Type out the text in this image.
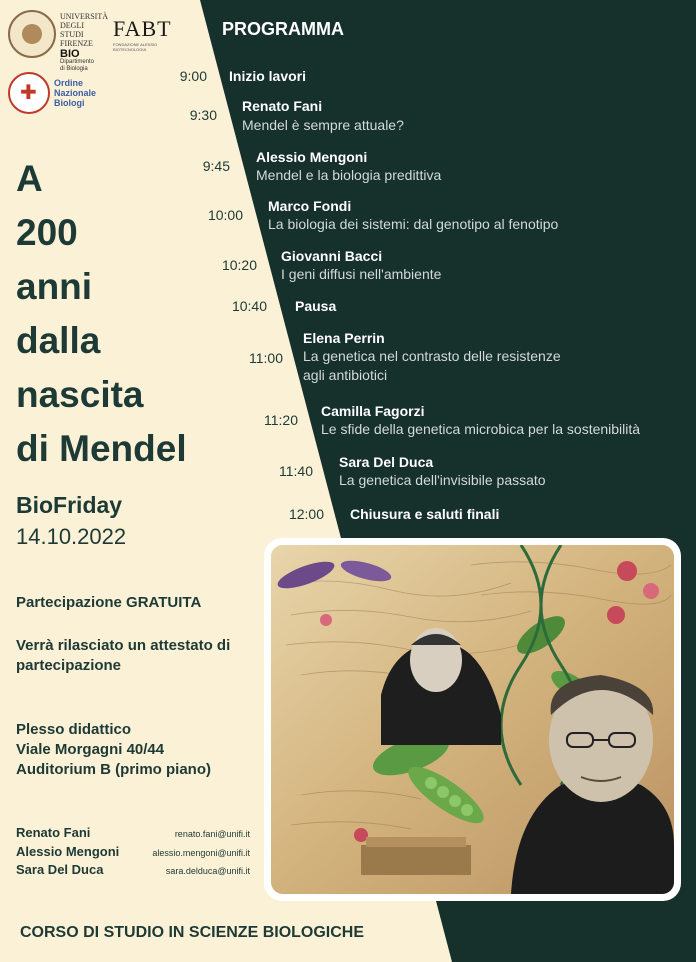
UNIVERSITÀ
DEGLI STUDI
FIRENZE
BIO
Dipartimento
di Biologia
FABT
FONDAZIONE ALESSIO BIOTECNOLOGIA
✚
Ordine
Nazionale
Biologi
A
200
anni
dalla
nascita
di Mendel
BioFriday
14.10.2022
Partecipazione GRATUITA
Verrà rilasciato un attestato di partecipazione
Plesso didattico
Viale Morgagni 40/44
Auditorium B (primo piano)
Renato Fani	renato.fani@unifi.it
Alessio Mengoni	alessio.mengoni@unifi.it
Sara Del Duca	sara.delduca@unifi.it
CORSO DI STUDIO IN SCIENZE BIOLOGICHE
PROGRAMMA
9:00 Inizio lavori
9:30
Renato Fani
Mendel è sempre attuale?
9:45
Alessio Mengoni
Mendel e la biologia predittiva
10:00
Marco Fondi
La biologia dei sistemi: dal genotipo al fenotipo
10:20
Giovanni Bacci
I geni diffusi nell'ambiente
10:40 Pausa
11:00
Elena Perrin
La genetica nel contrasto delle resistenze
agli antibiotici
11:20
Camilla Fagorzi
Le sfide della genetica microbica per la sostenibilità
11:40
Sara Del Duca
La genetica dell'invisibile passato
12:00 Chiusura e saluti finali
